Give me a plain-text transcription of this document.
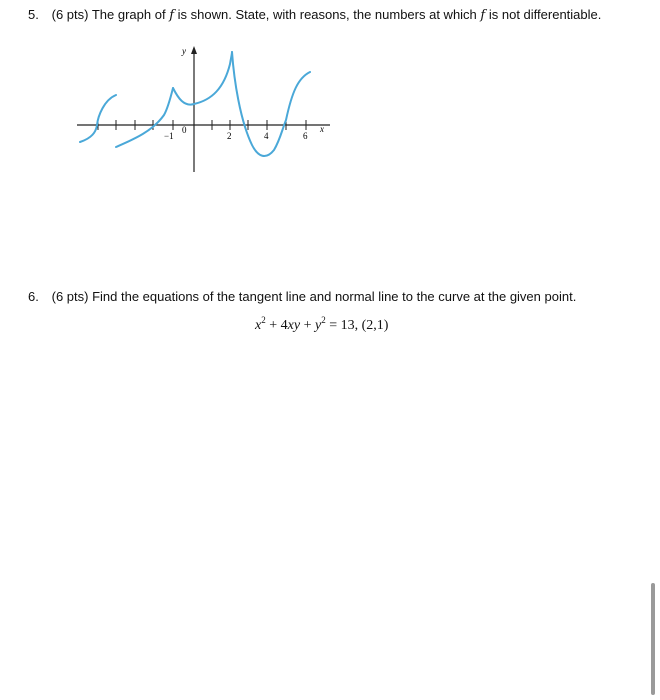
5. (6 pts) The graph of f is shown. State, with reasons, the numbers at which f is not differentiable.
−1
0
2	4	6
y
x
6. (6 pts) Find the equations of the tangent line and normal line to the curve at the given point.
$x^2 + 4xy + y^2 = 13$, (2,1)
